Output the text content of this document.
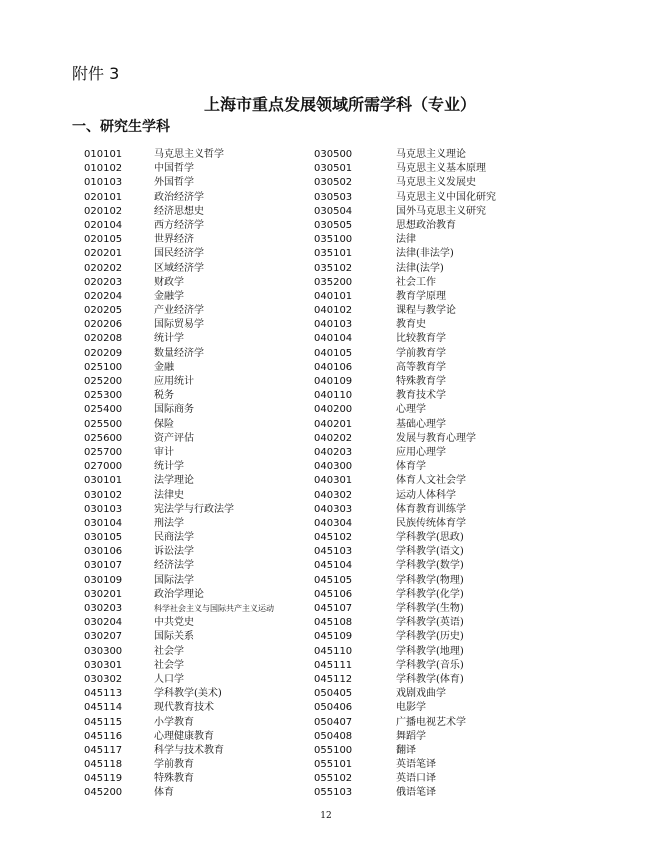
附件 3
上海市重点发展领域所需学科（专业）
一、研究生学科
010101	马克思主义哲学
010102	中国哲学
010103	外国哲学
020101	政治经济学
020102	经济思想史
020104	西方经济学
020105	世界经济
020201	国民经济学
020202	区域经济学
020203	财政学
020204	金融学
020205	产业经济学
020206	国际贸易学
020208	统计学
020209	数量经济学
025100	金融
025200	应用统计
025300	税务
025400	国际商务
025500	保险
025600	资产评估
025700	审计
027000	统计学
030101	法学理论
030102	法律史
030103	宪法学与行政法学
030104	刑法学
030105	民商法学
030106	诉讼法学
030107	经济法学
030109	国际法学
030201	政治学理论
030203	科学社会主义与国际共产主义运动
030204	中共党史
030207	国际关系
030300	社会学
030301	社会学
030302	人口学
045113	学科教学(美术)
045114	现代教育技术
045115	小学教育
045116	心理健康教育
045117	科学与技术教育
045118	学前教育
045119	特殊教育
045200	体育
030500	马克思主义理论
030501	马克思主义基本原理
030502	马克思主义发展史
030503	马克思主义中国化研究
030504	国外马克思主义研究
030505	思想政治教育
035100	法律
035101	法律(非法学)
035102	法律(法学)
035200	社会工作
040101	教育学原理
040102	课程与教学论
040103	教育史
040104	比较教育学
040105	学前教育学
040106	高等教育学
040109	特殊教育学
040110	教育技术学
040200	心理学
040201	基础心理学
040202	发展与教育心理学
040203	应用心理学
040300	体育学
040301	体育人文社会学
040302	运动人体科学
040303	体育教育训练学
040304	民族传统体育学
045102	学科教学(思政)
045103	学科教学(语文)
045104	学科教学(数学)
045105	学科教学(物理)
045106	学科教学(化学)
045107	学科教学(生物)
045108	学科教学(英语)
045109	学科教学(历史)
045110	学科教学(地理)
045111	学科教学(音乐)
045112	学科教学(体育)
050405	戏剧戏曲学
050406	电影学
050407	广播电视艺术学
050408	舞蹈学
055100	翻译
055101	英语笔译
055102	英语口译
055103	俄语笔译
12
